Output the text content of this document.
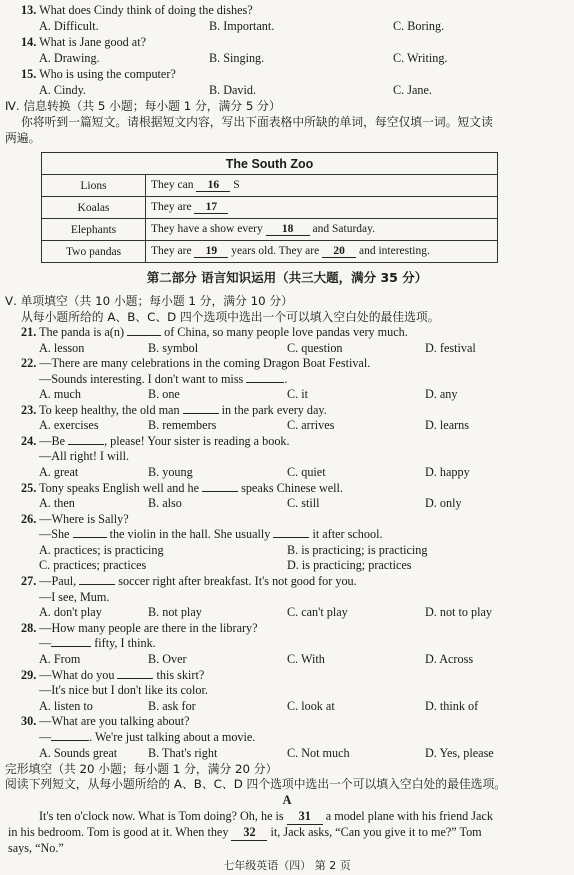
13. What does Cindy think of doing the dishes?
A. Difficult.	B. Important.	C. Boring.
14. What is Jane good at?
A. Drawing.	B. Singing.	C. Writing.
15. Who is using the computer?
A. Cindy.	B. David.	C. Jane.
Ⅳ. 信息转换（共 5 小题；每小题 1 分，满分 5 分）
你将听到一篇短文。请根据短文内容，写出下面表格中所缺的单词，每空仅填一词。短文读
两遍。
The South Zoo	
Lions	They can 16 S
Koalas	They are 17
Elephants	They have a show every 18 and Saturday.
Two pandas	They are 19 years old. They are 20 and interesting.
第二部分 语言知识运用（共三大题，满分 35 分）
Ⅴ. 单项填空（共 10 小题；每小题 1 分，满分 10 分）
从每小题所给的 A、B、C、D 四个选项中选出一个可以填入空白处的最佳选项。
21. The panda is a(n)	of China, so many people love pandas very much.
A. lesson	B. symbol	C. question	D. festival
22. —There are many celebrations in the coming Dragon Boat Festival.
—Sounds interesting. I don't want to miss	.
A. much	B. one	C. it	D. any
23. To keep healthy, the old man	in the park every day.
A. exercises	B. remembers	C. arrives	D. learns
24. —Be	, please! Your sister is reading a book.
—All right! I will.
A. great	B. young	C. quiet	D. happy
25. Tony speaks English well and he	speaks Chinese well.
A. then	B. also	C. still	D. only
26. —Where is Sally?
—She	the violin in the hall. She usually	it after school.
A. practices; is practicing	B. is practicing; is practicing
C. practices; practices	D. is practicing; practices
27. —Paul,	soccer right after breakfast. It's not good for you.
—I see, Mum.
A. don't play	B. not play	C. can't play	D. not to play
28. —How many people are there in the library?
—	fifty, I think.
A. From	B. Over	C. With	D. Across
29. —What do you	this skirt?
—It's nice but I don't like its color.
A. listen to	B. ask for	C. look at	D. think of
30. —What are you talking about?
—	. We're just talking about a movie.
A. Sounds great	B. That's right	C. Not much	D. Yes, please
完形填空（共 20 小题；每小题 1 分，满分 20 分）
阅读下列短文，从每小题所给的 A、B、C、D 四个选项中选出一个可以填入空白处的最佳选项。
A
It's ten o'clock now. What is Tom doing? Oh, he is 31 a model plane with his friend Jack
in his bedroom. Tom is good at it. When they 32 it, Jack asks, “Can you give it to me?” Tom
says, “No.”
七年级英语（四） 第 2 页
